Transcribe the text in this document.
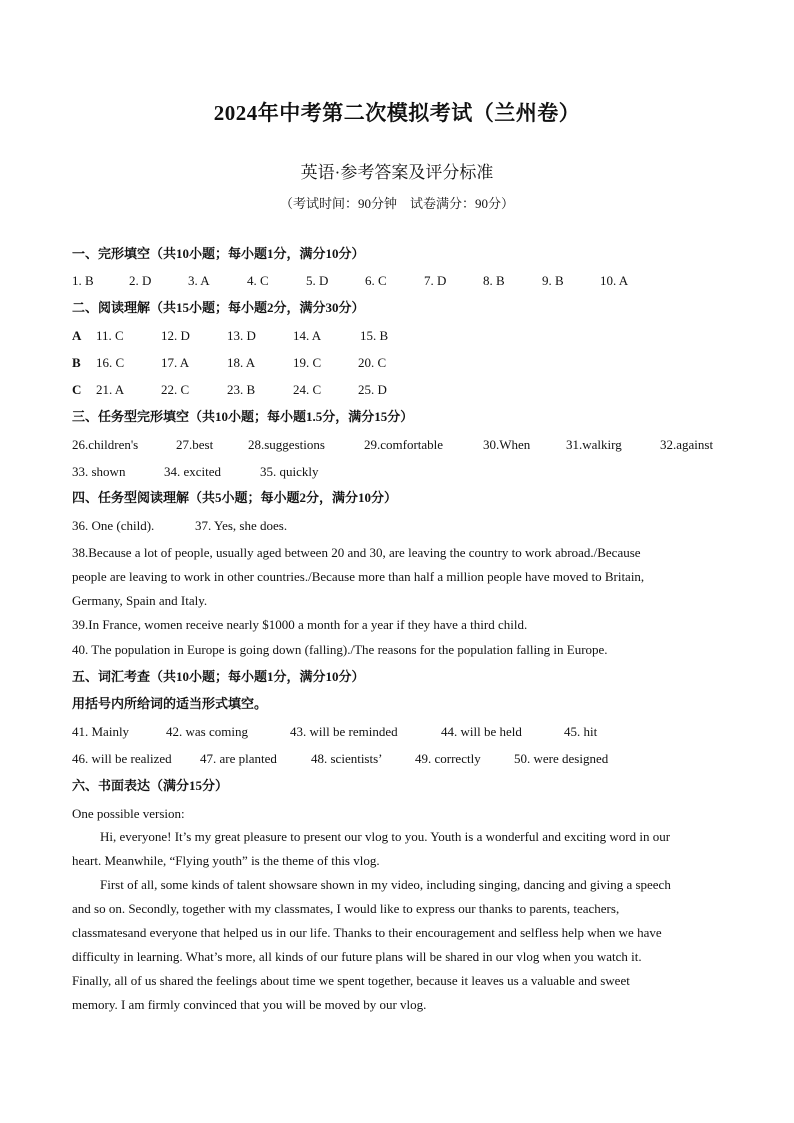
2024年中考第二次模拟考试（兰州卷）
英语·参考答案及评分标准
（考试时间：90分钟　试卷满分：90分）
一、完形填空（共10小题；每小题1分，满分10分）
1. B	2. D	3. A	4. C	5. D	6. C	7. D	8. B	9. B	10. A
二、阅读理解（共15小题；每小题2分，满分30分）
A 11. C	12. D	13. D	14. A	15. B
B 16. C	17. A	18. A	19. C	20. C
C 21. A	22. C	23. B	24. C	25. D
三、任务型完形填空（共10小题；每小题1.5分，满分15分）
26.children's	27.best	28.suggestions	29.comfortable	30.When	31.walkirg	32.against
33. shown	34. excited	35. quickly
四、任务型阅读理解（共5小题；每小题2分，满分10分）
36. One (child).	37. Yes, she does.
38.Because a lot of people, usually aged between 20 and 30, are leaving the country to work abroad./Because
people are leaving to work in other countries./Because more than half a million people have moved to Britain,
Germany, Spain and Italy.
39.In France, women receive nearly $1000 a month for a year if they have a third child.
40. The population in Europe is going down (falling)./The reasons for the population falling in Europe.
五、词汇考查（共10小题；每小题1分，满分10分）
用括号内所给词的适当形式填空。
41. Mainly	42. was coming	43. will be reminded	44. will be held	45. hit
46. will be realized 47. are planted	48. scientists’	49. correctly	50. were designed
六、书面表达（满分15分）
One possible version:
Hi, everyone! It’s my great pleasure to present our vlog to you. Youth is a wonderful and exciting word in our
heart. Meanwhile, “Flying youth” is the theme of this vlog.
First of all, some kinds of talent showsare shown in my video, including singing, dancing and giving a speech
and so on. Secondly, together with my classmates, I would like to express our thanks to parents, teachers,
classmatesand everyone that helped us in our life. Thanks to their encouragement and selfless help when we have
difficulty in learning. What’s more, all kinds of our future plans will be shared in our vlog when you watch it.
Finally, all of us shared the feelings about time we spent together, because it leaves us a valuable and sweet
memory. I am firmly convinced that you will be moved by our vlog.
